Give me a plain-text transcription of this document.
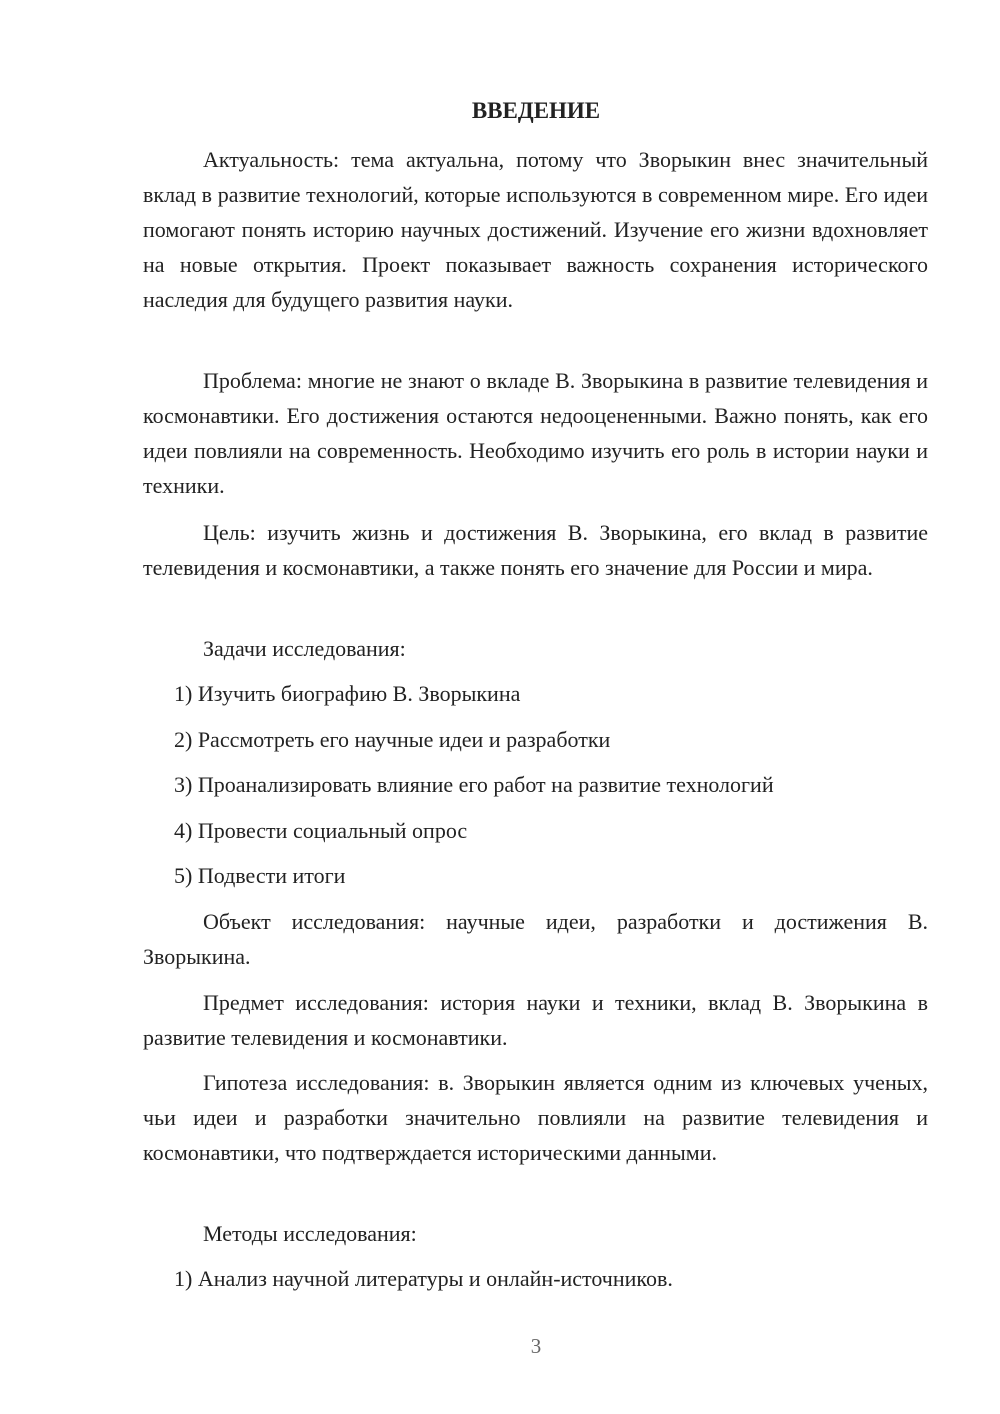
ВВЕДЕНИЕ
Актуальность: тема актуальна, потому что Зворыкин внес значительный вклад в развитие технологий, которые используются в современном мире. Его идеи помогают понять историю научных достижений. Изучение его жизни вдохновляет на новые открытия. Проект показывает важность сохранения исторического наследия для будущего развития науки.
Проблема: многие не знают о вкладе В. Зворыкина в развитие телевидения и космонавтики. Его достижения остаются недооцененными. Важно понять, как его идеи повлияли на современность. Необходимо изучить его роль в истории науки и техники.
Цель: изучить жизнь и достижения В. Зворыкина, его вклад в развитие телевидения и космонавтики, а также понять его значение для России и мира.
Задачи исследования:
1) Изучить биографию В. Зворыкина
2) Рассмотреть его научные идеи и разработки
3) Проанализировать влияние его работ на развитие технологий
4) Провести социальный опрос
5) Подвести итоги
Объект исследования: научные идеи, разработки и достижения В. Зворыкина.
Предмет исследования: история науки и техники, вклад В. Зворыкина в развитие телевидения и космонавтики.
Гипотеза исследования: в. Зворыкин является одним из ключевых ученых, чьи идеи и разработки значительно повлияли на развитие телевидения и космонавтики, что подтверждается историческими данными.
Методы исследования:
1) Анализ научной литературы и онлайн-источников.
3
